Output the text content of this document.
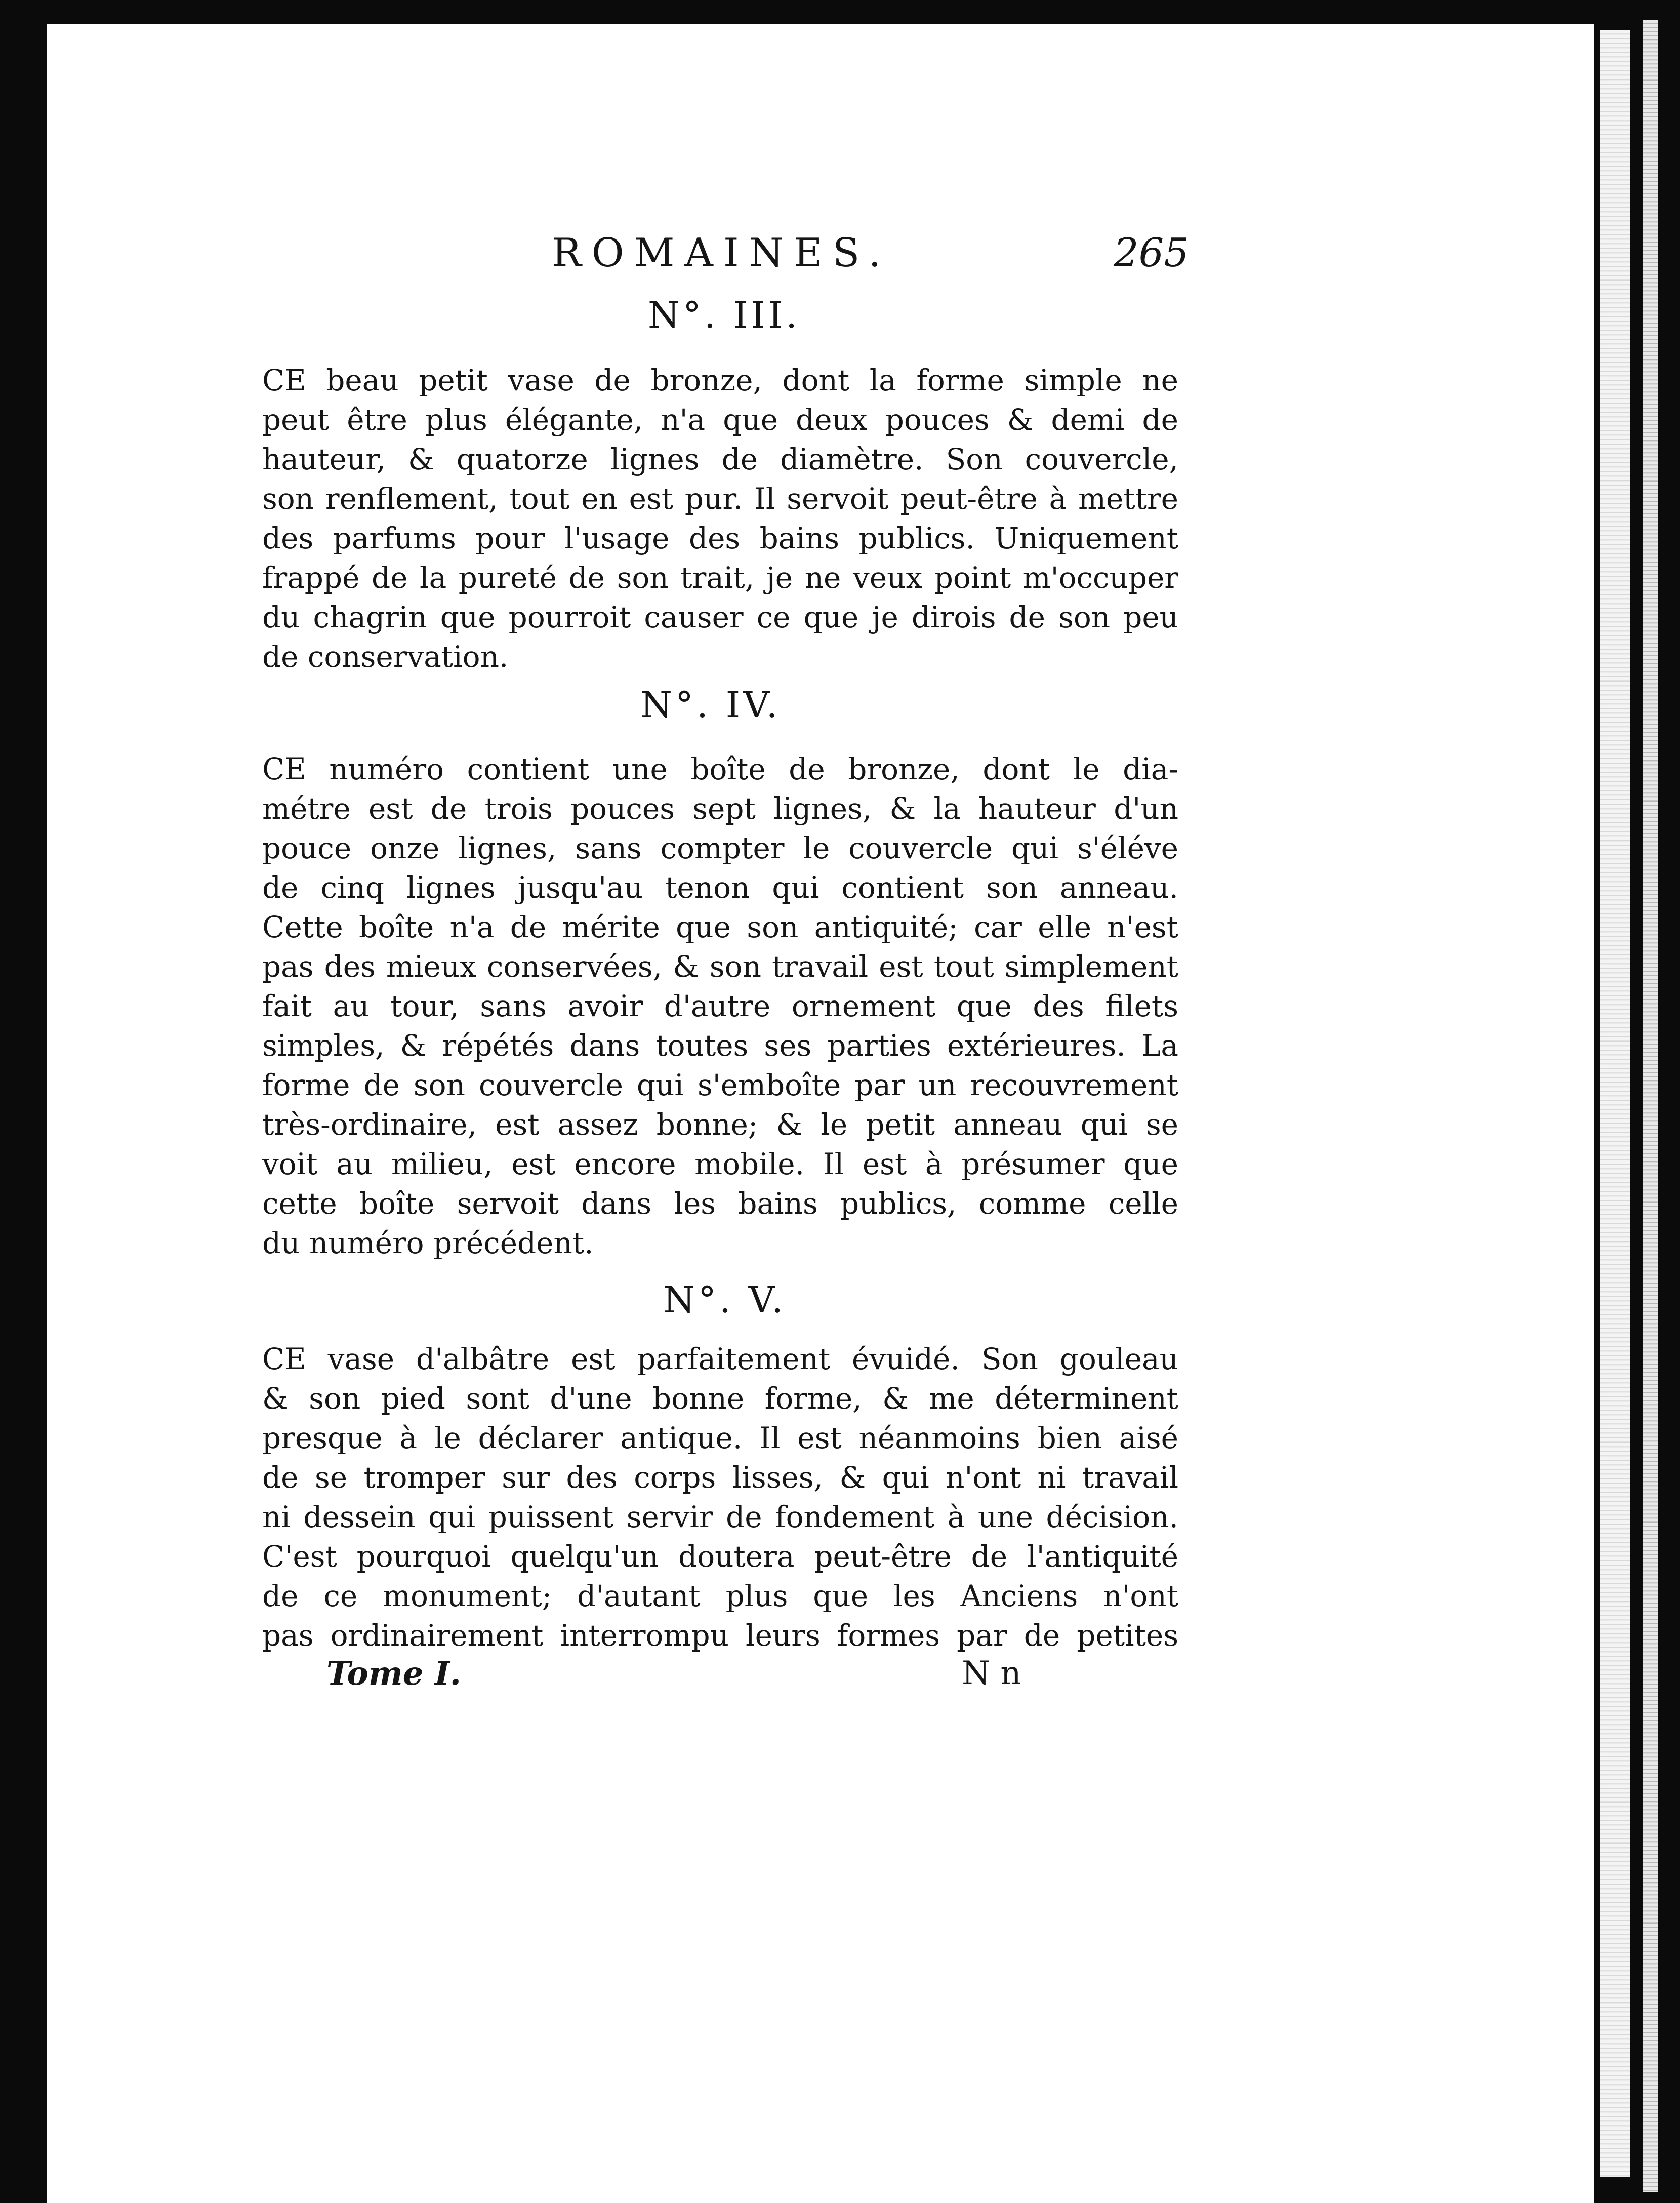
ROMAINES.	265
N°. III.
CE beau petit vase de bronze, dont la forme simple ne
peut être plus élégante, n'a que deux pouces & demi de
hauteur, & quatorze lignes de diamètre. Son couvercle,
son renflement, tout en est pur. Il servoit peut-être à mettre
des parfums pour l'usage des bains publics. Uniquement
frappé de la pureté de son trait, je ne veux point m'occuper
du chagrin que pourroit causer ce que je dirois de son peu
de conservation.
N°. IV.
CE numéro contient une boîte de bronze, dont le dia-
métre est de trois pouces sept lignes, & la hauteur d'un
pouce onze lignes, sans compter le couvercle qui s'éléve
de cinq lignes jusqu'au tenon qui contient son anneau.
Cette boîte n'a de mérite que son antiquité; car elle n'est
pas des mieux conservées, & son travail est tout simplement
fait au tour, sans avoir d'autre ornement que des filets
simples, & répétés dans toutes ses parties extérieures. La
forme de son couvercle qui s'emboîte par un recouvrement
très-ordinaire, est assez bonne; & le petit anneau qui se
voit au milieu, est encore mobile. Il est à présumer que
cette boîte servoit dans les bains publics, comme celle
du numéro précédent.
N°. V.
CE vase d'albâtre est parfaitement évuidé. Son gouleau
& son pied sont d'une bonne forme, & me déterminent
presque à le déclarer antique. Il est néanmoins bien aisé
de se tromper sur des corps lisses, & qui n'ont ni travail
ni dessein qui puissent servir de fondement à une décision.
C'est pourquoi quelqu'un doutera peut-être de l'antiquité
de ce monument; d'autant plus que les Anciens n'ont
pas ordinairement interrompu leurs formes par de petites
Tome I.	N n
